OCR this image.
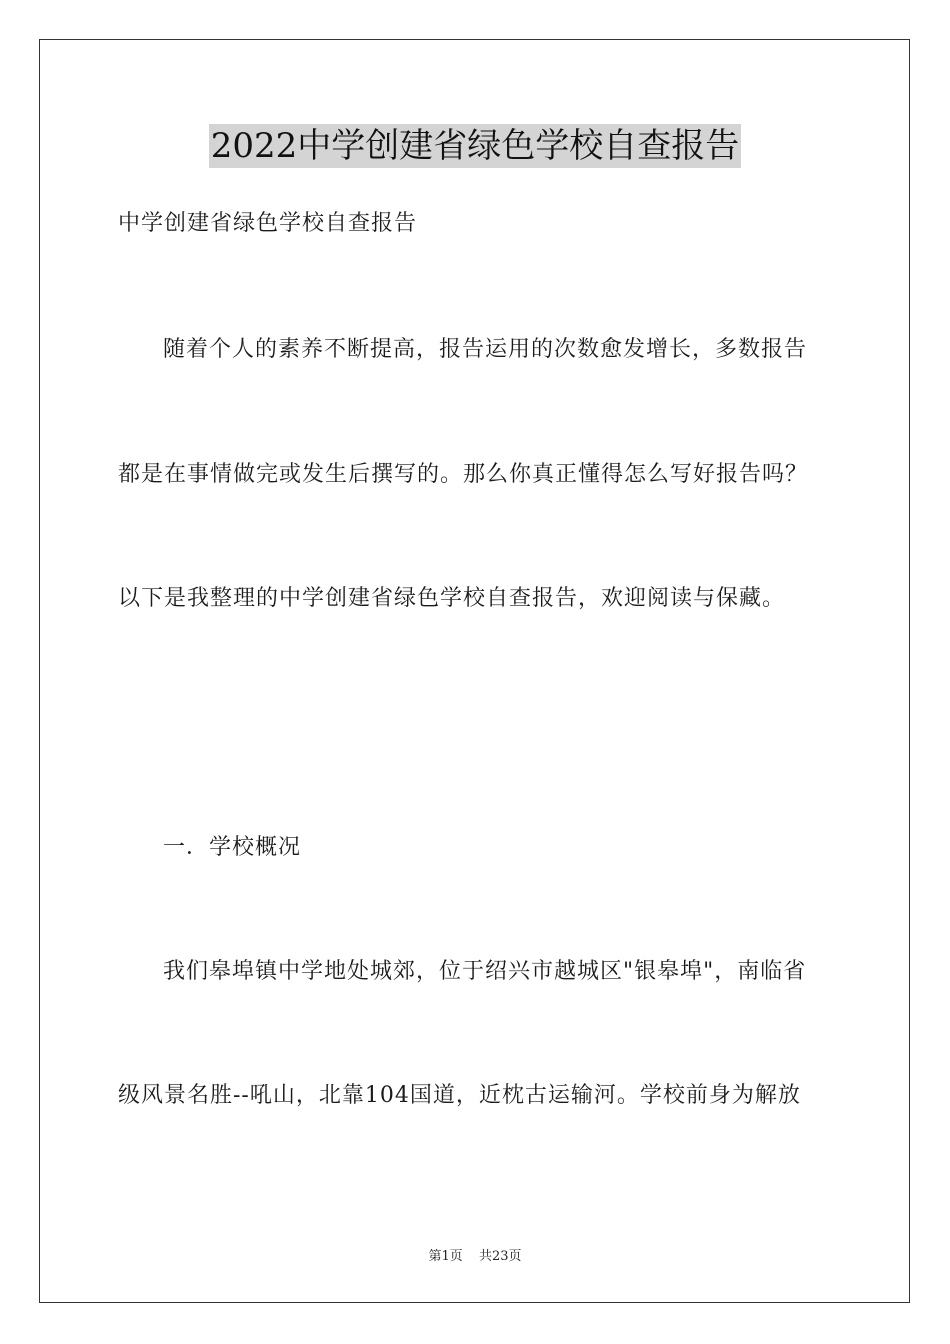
2022中学创建省绿色学校自查报告
中学创建省绿色学校自查报告
随着个人的素养不断提高，报告运用的次数愈发增长，多数报告
都是在事情做完或发生后撰写的。那么你真正懂得怎么写好报告吗？
以下是我整理的中学创建省绿色学校自查报告，欢迎阅读与保藏。
一．学校概况
我们皋埠镇中学地处城郊，位于绍兴市越城区"银皋埠"，南临省
级风景名胜--吼山，北靠104国道，近枕古运输河。学校前身为解放
第1页 共23页
